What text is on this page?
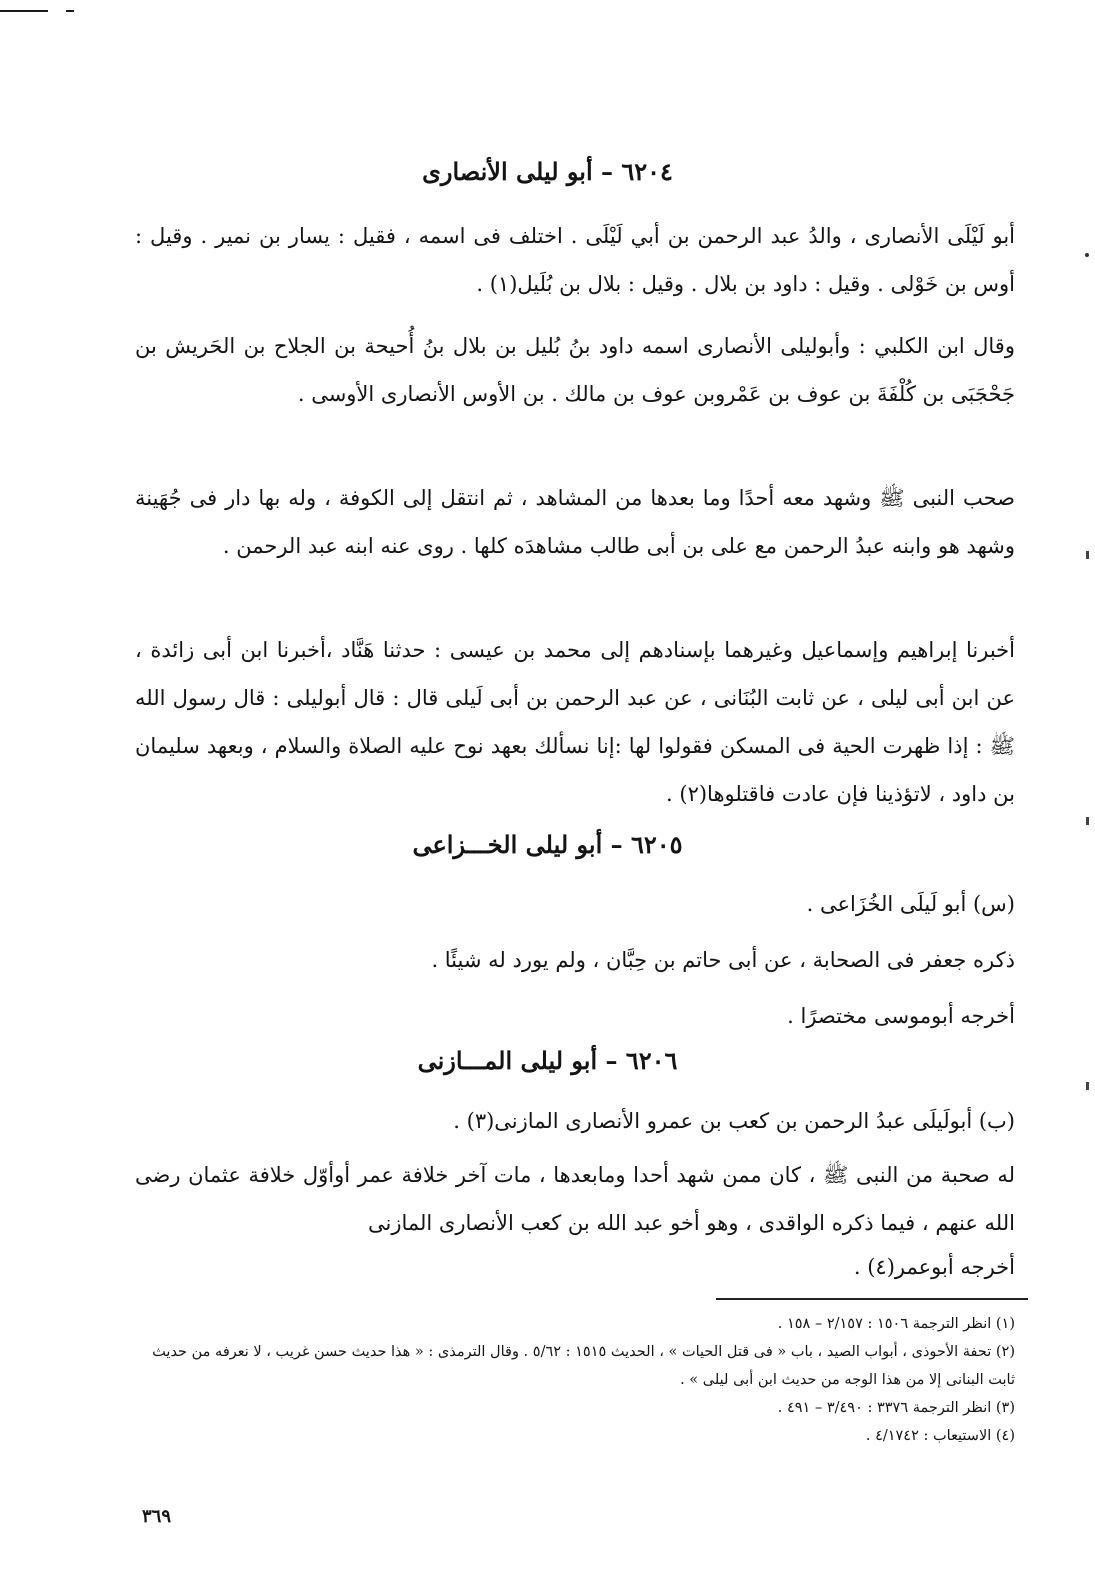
٦٢٠٤ – أبو ليلى الأنصارى

أبو لَيْلَى الأنصارى ، والدُ عبد الرحمن بن أبي لَيْلَى . اختلف فى اسمه ، فقيل : يسار بن نمير . وقيل : أوس بن خَوْلى . وقيل : داود بن بلال . وقيل : بلال بن بُلَيل(١) .

وقال ابن الكلبي : وأبوليلى الأنصارى اسمه داود بنُ بُليل بن بلال بنُ أُحيحة بن الجلاح بن الحَريش بن جَحْجَبَى بن كُلْفَةَ بن عوف بن عَمْروبن عوف بن مالك . بن الأوس الأنصارى الأوسى .

صحب النبى ﷺ وشهد معه أحدًا وما بعدها من المشاهد ، ثم انتقل إلى الكوفة ، وله بها دار فى جُهَينة وشهد هو وابنه عبدُ الرحمن مع على بن أبى طالب مشاهدَه كلها . روى عنه ابنه عبد الرحمن .

أخبرنا إبراهيم وإسماعيل وغيرهما بإسنادهم إلى محمد بن عيسى : حدثنا هَنَّاد ،أخبرنا ابن أبى زائدة ، عن ابن أبى ليلى ، عن ثابت البُنَانى ، عن عبد الرحمن بن أبى لَيلى قال : قال أبوليلى : قال رسول الله ﷺ : إذا ظهرت الحية فى المسكن فقولوا لها :إنا نسألك بعهد نوح عليه الصلاة والسلام ، وبعهد سليمان بن داود ، لاتؤذينا فإن عادت فاقتلوها(٢) .

٦٢٠٥ – أبو ليلى الخـــزاعى

(س) أبو لَيلَى الخُزَاعى .

ذكره جعفر فى الصحابة ، عن أبى حاتم بن حِبَّان ، ولم يورد له شيئًا .

أخرجه أبوموسى مختصرًا .

٦٢٠٦ – أبو ليلى المـــازنى

(ب) أبولَيلَى عبدُ الرحمن بن كعب بن عمرو الأنصارى المازنى(٣) .

له صحبة من النبى ﷺ ، كان ممن شهد أحدا ومابعدها ، مات آخر خلافة عمر أوأوّل خلافة عثمان رضى الله عنهم ، فيما ذكره الواقدى ، وهو أخو عبد الله بن كعب الأنصارى المازنى

أخرجه أبوعمر(٤) .

(١) انظر الترجمة ١٥٠٦ : ٢/١٥٧ – ١٥٨ .
(٢) تحفة الأحوذى ، أبواب الصيد ، باب « فى قتل الحيات » ، الحديث ١٥١٥ : ٥/٦٢ . وقال الترمذى : « هذا حديث حسن غريب ، لا نعرفه من حديث ثابت البنانى إلا من هذا الوجه من حديث ابن أبى ليلى » .
(٣) انظر الترجمة ٣٣٧٦ : ٣/٤٩٠ – ٤٩١ .
(٤) الاستيعاب : ٤/١٧٤٢ .
٣٦٩
